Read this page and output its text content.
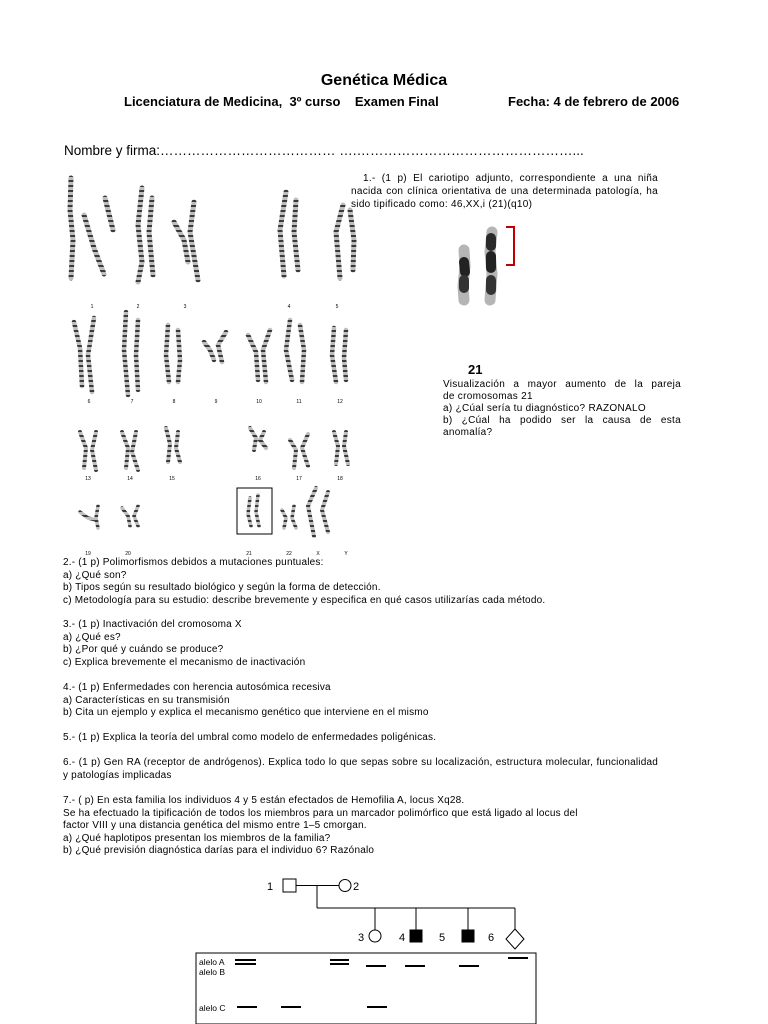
Genética Médica
Licenciatura de Medicina,  3º curso    Examen Final	Fecha: 4 de febrero de 2006
Nombre y firma:………………………………… ….…………………………………………...
1	2	3	4	5
6	7	8	9	10	11	12
13	14	15	16	17	18
19	20	21	22	X	Y
1.- (1 p) El cariotipo adjunto, correspondiente a una niña nacida con clínica orientativa de una determinada patología, ha sido tipificado como: 46,XX,i (21)(q10)
21
Visualización a mayor aumento de la pareja
de cromosomas 21
a) ¿Cúal sería tu diagnóstico? RAZONALO
b) ¿Cúal ha podido ser la causa de esta
anomalía?
2.- (1 p) Polimorfismos debidos a mutaciones puntuales:
a) ¿Qué son?
b) Tipos según su resultado biológico y según la forma de detección.
c) Metodología para su estudio: describe brevemente y especifica en qué casos utilizarías cada método.
3.- (1 p) Inactivación del cromosoma X
a) ¿Qué es?
b) ¿Por qué y cuándo se produce?
c) Explica brevemente el mecanismo de inactivación
4.- (1 p) Enfermedades con herencia autosómica recesiva
a) Características en su transmisión
b) Cita un ejemplo y explica el mecanismo genético que interviene en el mismo
5.- (1 p) Explica la teoría del umbral como modelo de enfermedades poligénicas.

6.- (1 p) Gen RA (receptor de andrógenos). Explica todo lo que sepas sobre su localización, estructura molecular, funcionalidad y patologías implicadas

7.- ( p) En esta familia los individuos 4 y 5 están efectados de Hemofilia A, locus Xq28.
Se ha efectuado la tipificación de todos los miembros para un marcador polimórfico que está ligado al locus del
factor VIII y una distancia genética del mismo entre 1–5 cmorgan.
a) ¿Qué haplotipos presentan los miembros de la familia?
b) ¿Qué previsión diagnóstica darías para el individuo 6? Razónalo
1	2
3	4	5	6
alelo A
alelo B
alelo C
